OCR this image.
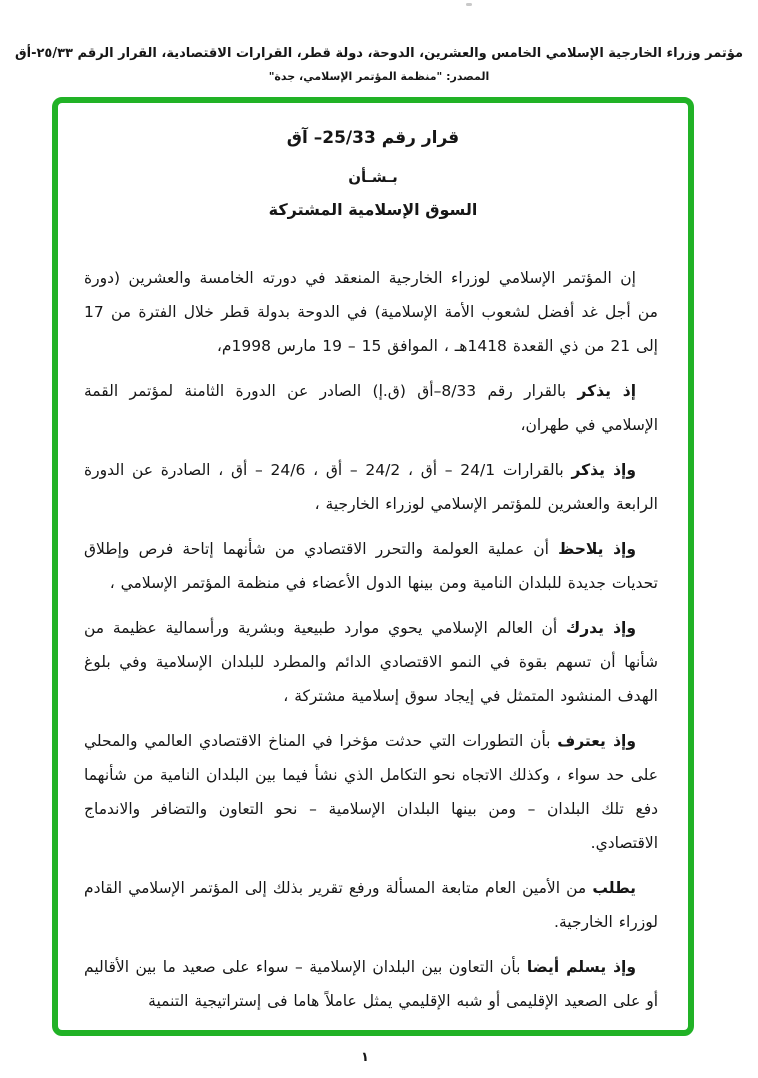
مؤتمر وزراء الخارجية الإسلامي الخامس والعشرين، الدوحة، دولة قطر، القرارات الاقتصادية، القرار الرقم ٢٥/٣٣-أق
المصدر: "منظمة المؤتمر الإسلامي، جدة"
قرار رقم 25/33– آق
بـشـأن
السوق الإسلامية المشتركة

إن المؤتمر الإسلامي لوزراء الخارجية المنعقد في دورته الخامسة والعشرين (دورة من أجل غد أفضل لشعوب الأمة الإسلامية) في الدوحة بدولة قطر خلال الفترة من 17 إلى 21 من ذي القعدة 1418هـ ، الموافق 15 – 19 مارس 1998م،

إذ يذكر بالقرار رقم 8/33–أق (ق.إ) الصادر عن الدورة الثامنة لمؤتمر القمة الإسلامي في طهران،

وإذ يذكر بالقرارات 24/1 – أق ، 24/2 – أق ، 24/6 – أق ، الصادرة عن الدورة الرابعة والعشرين للمؤتمر الإسلامي لوزراء الخارجية ،

وإذ يلاحظ أن عملية العولمة والتحرر الاقتصادي من شأنهما إتاحة فرص وإطلاق تحديات جديدة للبلدان النامية ومن بينها الدول الأعضاء في منظمة المؤتمر الإسلامي ،

وإذ يدرك أن العالم الإسلامي يحوي موارد طبيعية وبشرية ورأسمالية عظيمة من شأنها أن تسهم بقوة في النمو الاقتصادي الدائم والمطرد للبلدان الإسلامية وفي بلوغ الهدف المنشود المتمثل في إيجاد سوق إسلامية مشتركة ،

وإذ يعترف بأن التطورات التي حدثت مؤخرا في المناخ الاقتصادي العالمي والمحلي على حد سواء ، وكذلك الاتجاه نحو التكامل الذي نشأ فيما بين البلدان النامية من شأنهما دفع تلك البلدان – ومن بينها البلدان الإسلامية – نحو التعاون والتضافر والاندماج الاقتصادي.

يطلب من الأمين العام متابعة المسألة ورفع تقرير بذلك إلى المؤتمر الإسلامي القادم لوزراء الخارجية.

وإذ يسلم أيضا بأن التعاون بين البلدان الإسلامية – سواء على صعيد ما بين الأقاليم أو على الصعيد الإقليمى أو شبه الإقليمي يمثل عاملاً هاما فى إستراتيجية التنمية

١
